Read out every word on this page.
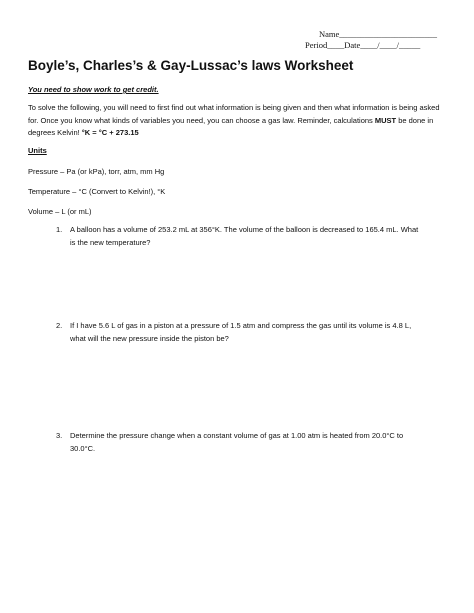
Name_______________________
Period____Date____/____/_____
Boyle’s, Charles’s & Gay-Lussac’s laws Worksheet
You need to show work to get credit.
To solve the following, you will need to first find out what information is being given and then what information is being asked for. Once you know what kinds of variables you need, you can choose a gas law. Reminder, calculations MUST be done in degrees Kelvin! °K = °C + 273.15
Units
Pressure – Pa (or kPa), torr, atm, mm Hg
Temperature – °C (Convert to Kelvin!), °K
Volume – L (or mL)
1. A balloon has a volume of 253.2 mL at 356°K. The volume of the balloon is decreased to 165.4 mL. What is the new temperature?
2. If I have 5.6 L of gas in a piston at a pressure of 1.5 atm and compress the gas until its volume is 4.8 L, what will the new pressure inside the piston be?
3. Determine the pressure change when a constant volume of gas at 1.00 atm is heated from 20.0°C to 30.0°C.
